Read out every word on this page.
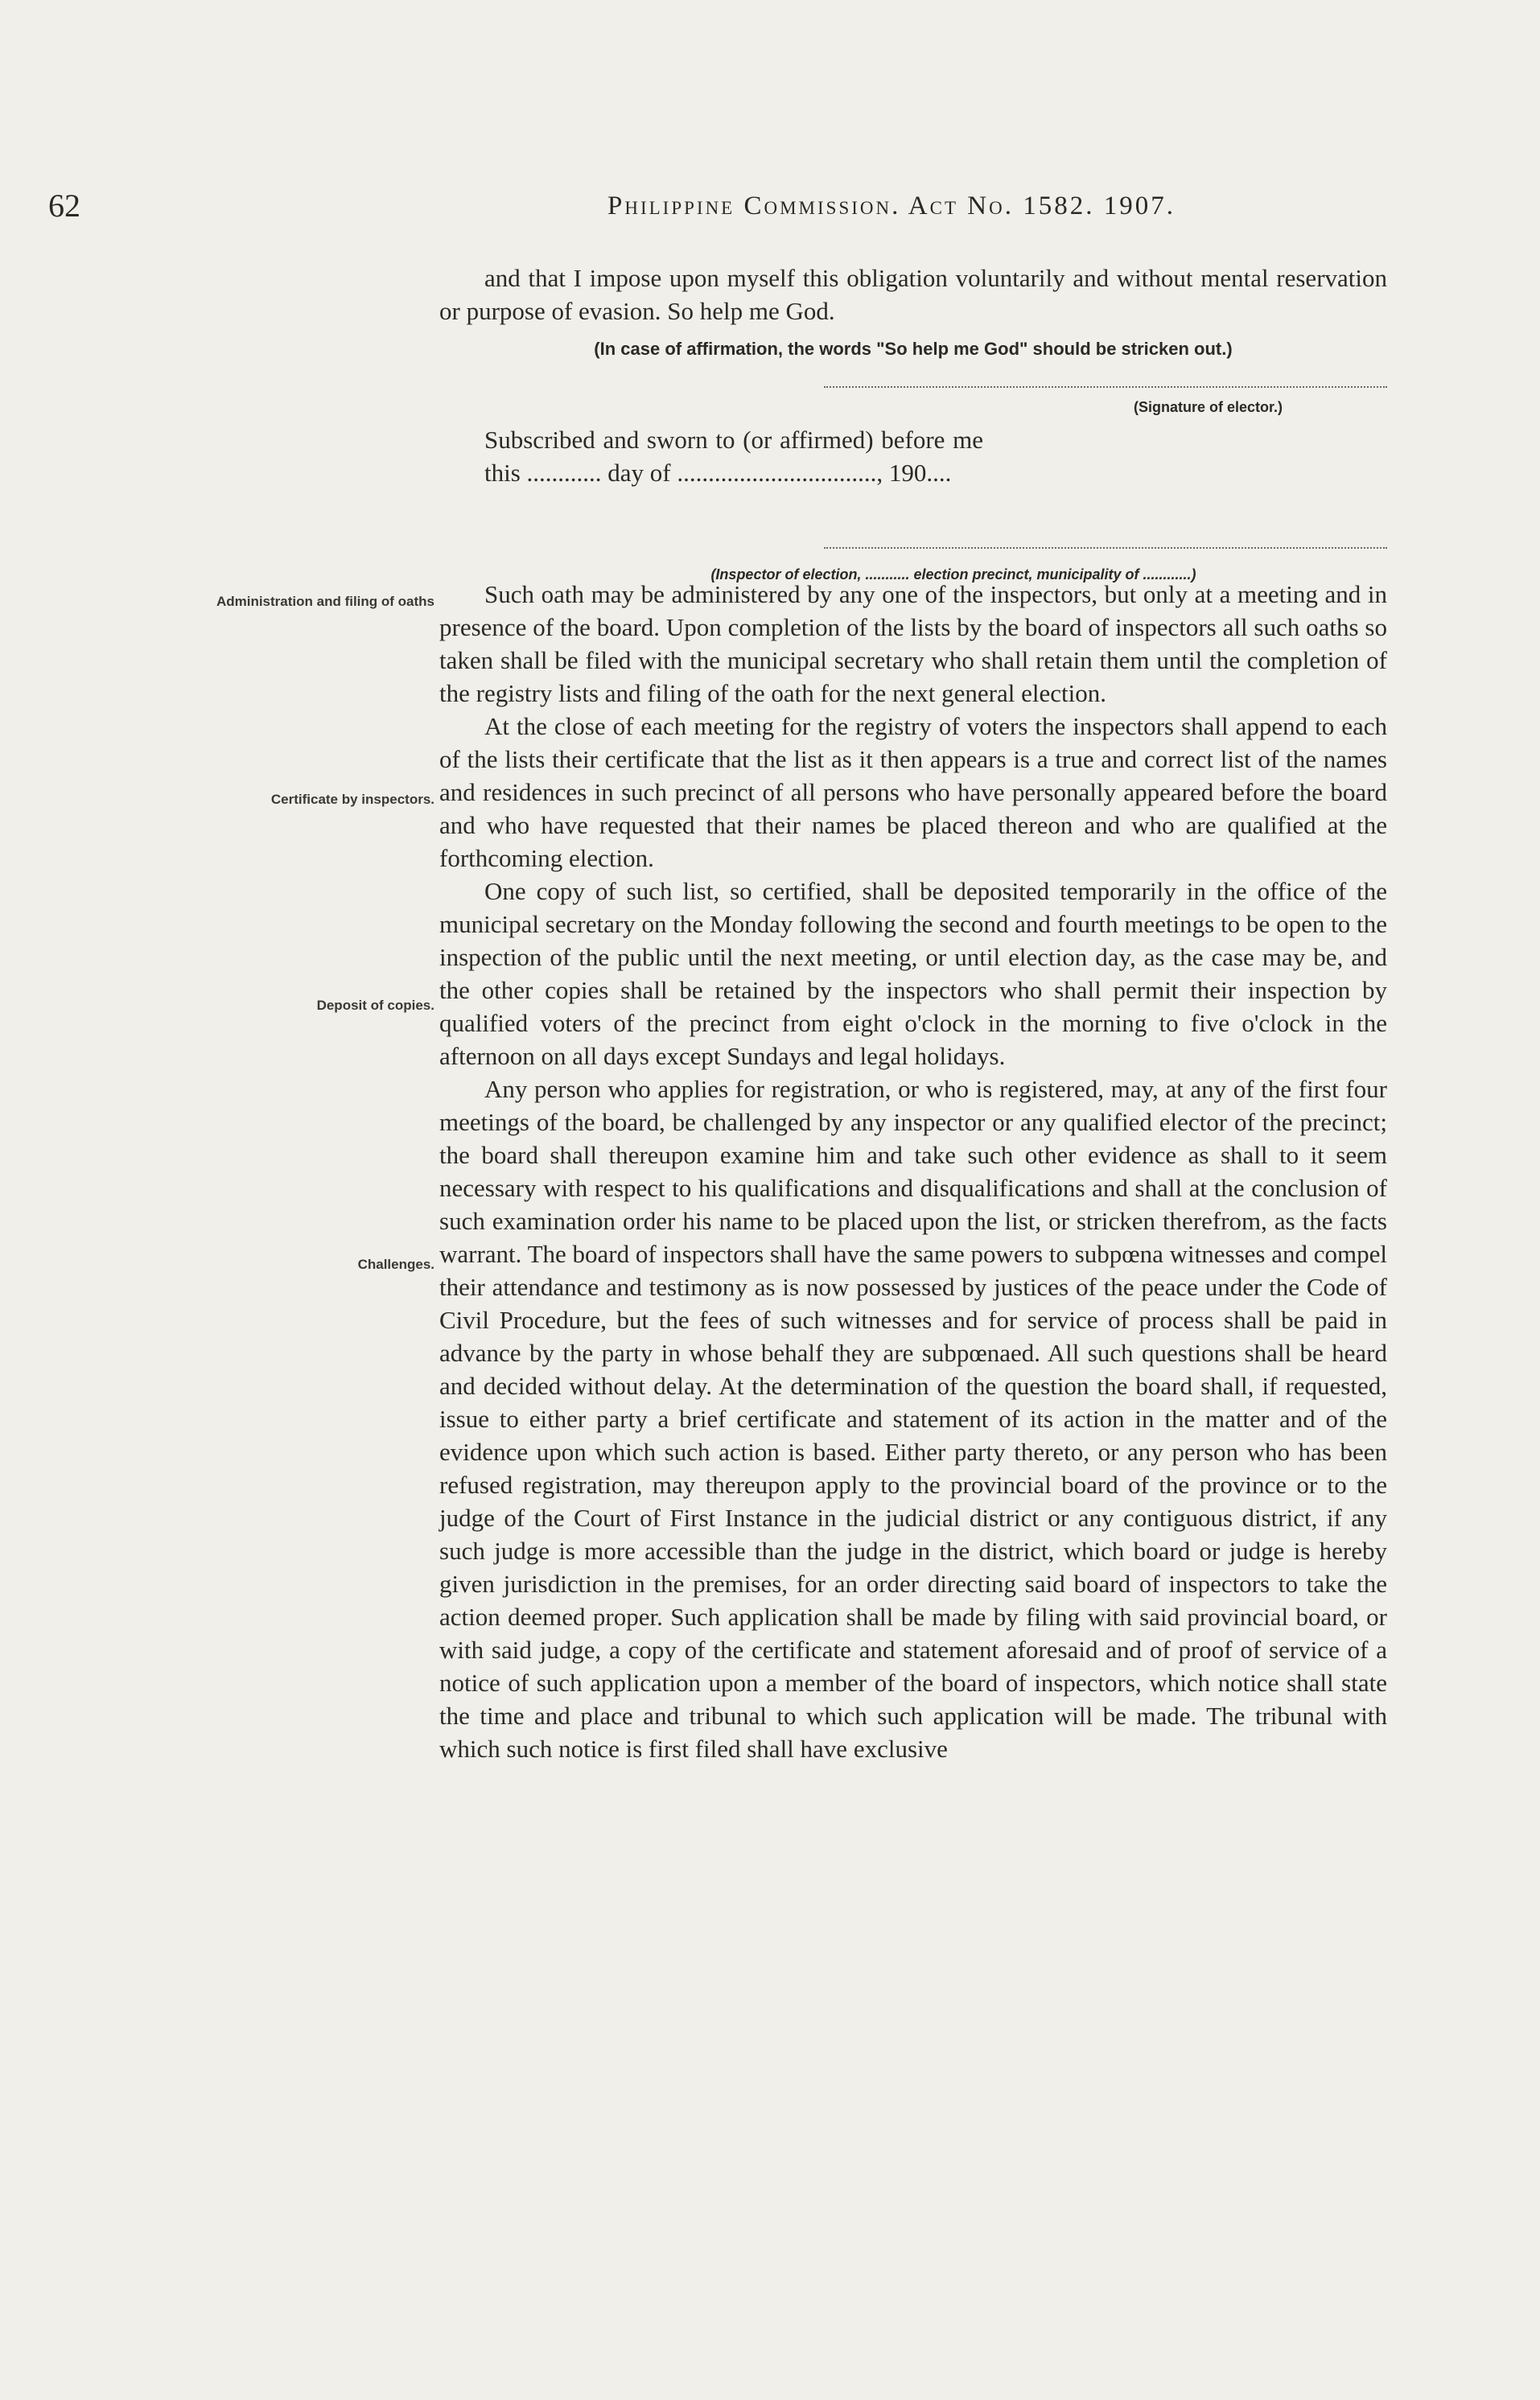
62	Philippine Commission. Act No. 1582. 1907.
Administration and filing of oaths
Certificate by inspectors.
Deposit of copies.
Challenges.

and that I impose upon myself this obligation voluntarily and without mental reservation or purpose of evasion. So help me God.

(In case of affirmation, the words "So help me God" should be stricken out.)
(Signature of elector.)
Subscribed and sworn to (or affirmed) before me this ............ day of ................................, 190....
(Inspector of election, ........... election precinct, municipality of ............)

Such oath may be administered by any one of the inspectors, but only at a meeting and in presence of the board. Upon completion of the lists by the board of inspectors all such oaths so taken shall be filed with the municipal secretary who shall retain them until the completion of the registry lists and filing of the oath for the next general election.

At the close of each meeting for the registry of voters the inspectors shall append to each of the lists their certificate that the list as it then appears is a true and correct list of the names and residences in such precinct of all persons who have personally appeared before the board and who have requested that their names be placed thereon and who are qualified at the forthcoming election.

One copy of such list, so certified, shall be deposited temporarily in the office of the municipal secretary on the Monday following the second and fourth meetings to be open to the inspection of the public until the next meeting, or until election day, as the case may be, and the other copies shall be retained by the inspectors who shall permit their inspection by qualified voters of the precinct from eight o'clock in the morning to five o'clock in the afternoon on all days except Sundays and legal holidays.

Any person who applies for registration, or who is registered, may, at any of the first four meetings of the board, be challenged by any inspector or any qualified elector of the precinct; the board shall thereupon examine him and take such other evidence as shall to it seem necessary with respect to his qualifications and disqualifications and shall at the conclusion of such examination order his name to be placed upon the list, or stricken therefrom, as the facts warrant. The board of inspectors shall have the same powers to subpœna witnesses and compel their attendance and testimony as is now possessed by justices of the peace under the Code of Civil Procedure, but the fees of such witnesses and for service of process shall be paid in advance by the party in whose behalf they are subpœnaed. All such questions shall be heard and decided without delay. At the determination of the question the board shall, if requested, issue to either party a brief certificate and statement of its action in the matter and of the evidence upon which such action is based. Either party thereto, or any person who has been refused registration, may thereupon apply to the provincial board of the province or to the judge of the Court of First Instance in the judicial district or any contiguous district, if any such judge is more accessible than the judge in the district, which board or judge is hereby given jurisdiction in the premises, for an order directing said board of inspectors to take the action deemed proper. Such application shall be made by filing with said provincial board, or with said judge, a copy of the certificate and statement aforesaid and of proof of service of a notice of such application upon a member of the board of inspectors, which notice shall state the time and place and tribunal to which such application will be made. The tribunal with which such notice is first filed shall have exclusive
